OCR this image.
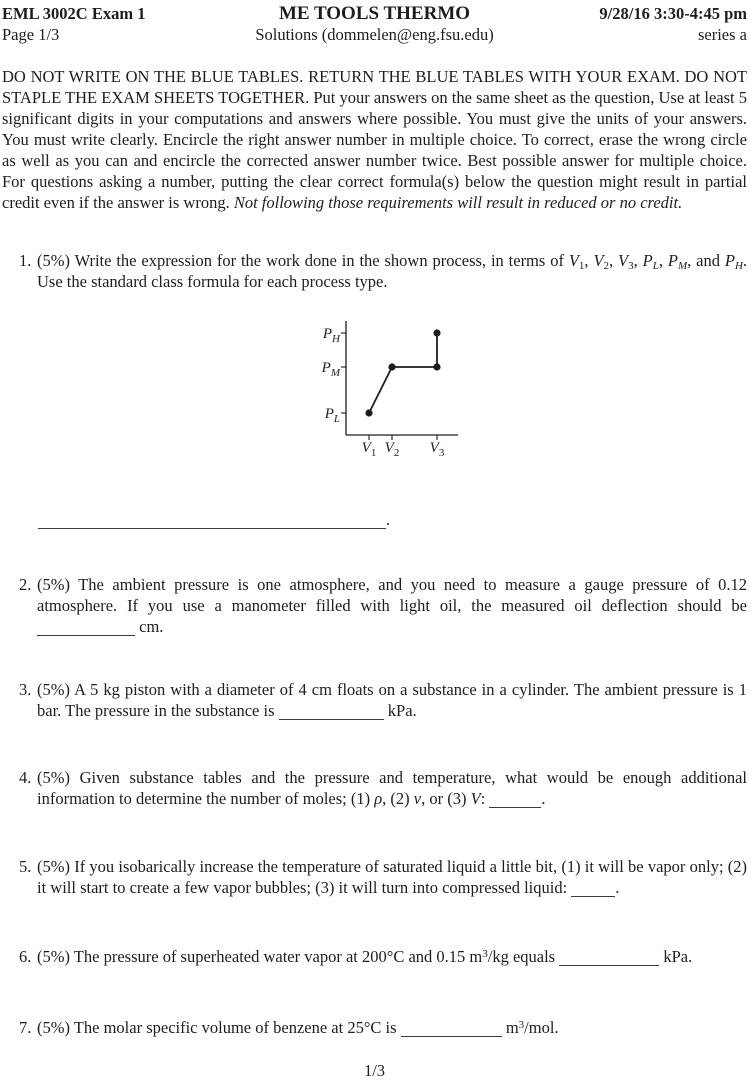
EML 3002C Exam 1
Page 1/3
ME TOOLS THERMO
Solutions (dommelen@eng.fsu.edu)
9/28/16 3:30-4:45 pm
series a

DO NOT WRITE ON THE BLUE TABLES. RETURN THE BLUE TABLES WITH YOUR EXAM. DO NOT STAPLE THE EXAM SHEETS TOGETHER. Put your answers on the same sheet as the question, Use at least 5 significant digits in your computations and answers where possible. You must give the units of your answers. You must write clearly. Encircle the right answer number in multiple choice. To correct, erase the wrong circle as well as you can and encircle the corrected answer number twice. Best possible answer for multiple choice. For questions asking a number, putting the clear correct formula(s) below the question might result in partial credit even if the answer is wrong. Not following those requirements will result in reduced or no credit.

1. (5%) Write the expression for the work done in the shown process, in terms of $V_1$, $V_2$, $V_3$, $P_L$, $P_M$, and $P_H$. Use the standard class formula for each process type.
$P_H$
$P_M$
$P_L$
$V_1$ $V_2$ $V_3$
.
2. (5%) The ambient pressure is one atmosphere, and you need to measure a gauge pressure of 0.12 atmosphere. If you use a manometer filled with light oil, the measured oil deflection should be  cm.
3. (5%) A 5 kg piston with a diameter of 4 cm floats on a substance in a cylinder. The ambient pressure is 1 bar. The pressure in the substance is	kPa.
4. (5%) Given substance tables and the pressure and temperature, what would be enough additional information to determine the number of moles; (1) ρ, (2) v, or (3) V:	.
5. (5%) If you isobarically increase the temperature of saturated liquid a little bit, (1) it will be vapor only; (2) it will start to create a few vapor bubbles; (3) it will turn into compressed liquid:	.
6. (5%) The pressure of superheated water vapor at 200°C and 0.15 $m^3/kg$ equals	kPa.
7. (5%) The molar specific volume of benzene at 25°C is	$m^3$/mol.
1/3
